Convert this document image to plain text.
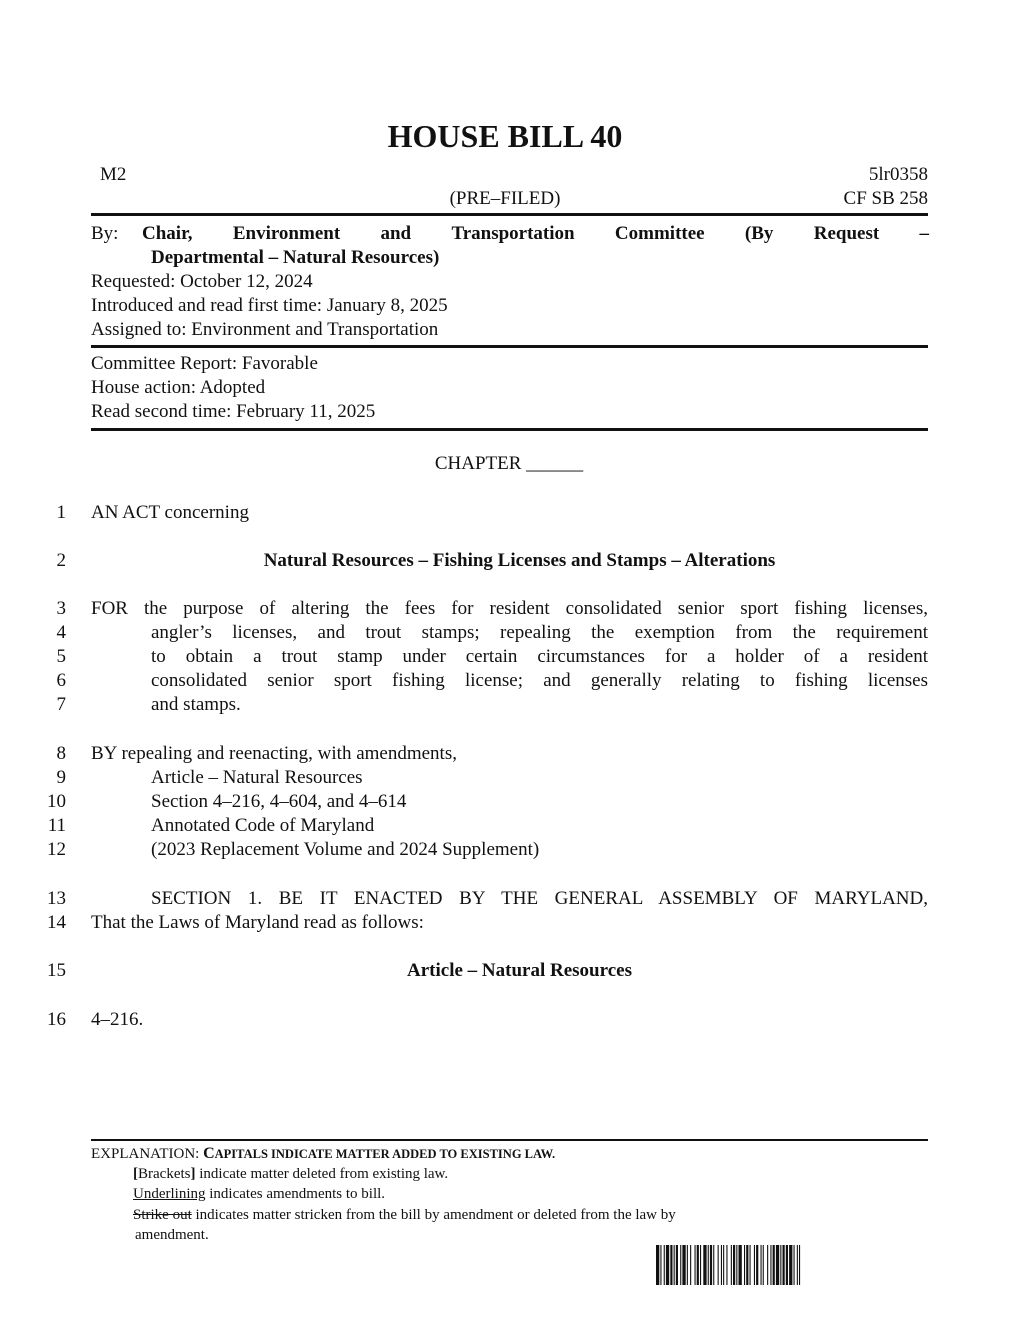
HOUSE BILL 40
M2	5lr0358
(PRE–FILED)	CF SB 258
By: Chair, Environment and Transportation Committee (By Request –
Departmental – Natural Resources)
Requested: October 12, 2024
Introduced and read first time: January 8, 2025
Assigned to: Environment and Transportation
Committee Report: Favorable
House action: Adopted
Read second time: February 11, 2025
CHAPTER ______
1 AN ACT concerning
2	Natural Resources – Fishing Licenses and Stamps – Alterations
3 FOR the purpose of altering the fees for resident consolidated senior sport fishing licenses,
4	angler’s licenses, and trout stamps; repealing the exemption from the requirement
5	to obtain a trout stamp under certain circumstances for a holder of a resident
6	consolidated senior sport fishing license; and generally relating to fishing licenses
7	and stamps.
8 BY repealing and reenacting, with amendments,
9	Article – Natural Resources
10	Section 4–216, 4–604, and 4–614
11	Annotated Code of Maryland
12	(2023 Replacement Volume and 2024 Supplement)
13	SECTION 1. BE IT ENACTED BY THE GENERAL ASSEMBLY OF MARYLAND,
14 That the Laws of Maryland read as follows:
15	Article – Natural Resources
16 4–216.
EXPLANATION: CAPITALS INDICATE MATTER ADDED TO EXISTING LAW.
[Brackets] indicate matter deleted from existing law.
Underlining indicates amendments to bill.
Strike out indicates matter stricken from the bill by amendment or deleted from the law by
amendment.
